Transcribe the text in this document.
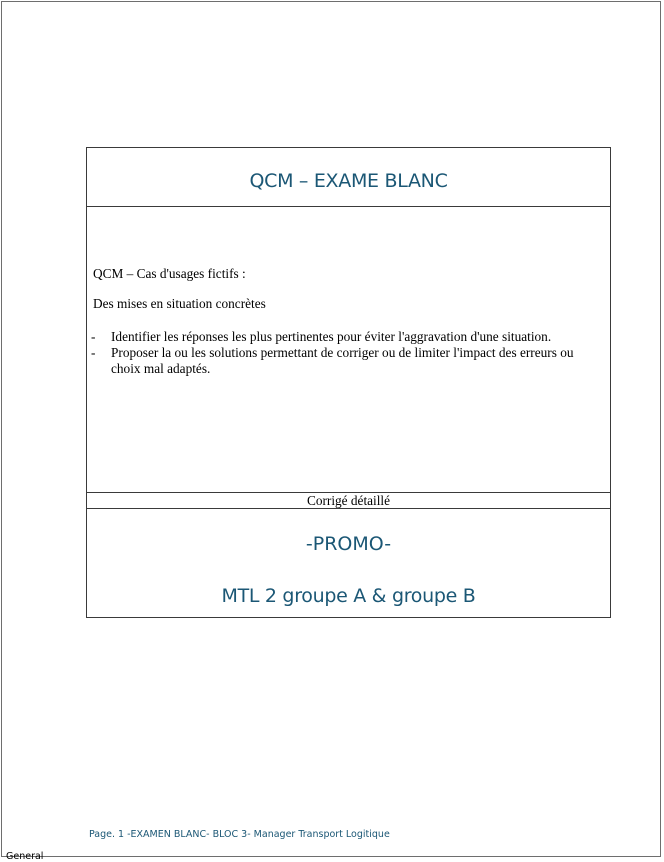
QCM – EXAME BLANC
QCM – Cas d'usages fictifs :
Des mises en situation concrètes
- Identifier les réponses les plus pertinentes pour éviter l'aggravation d'une situation.
- Proposer la ou les solutions permettant de corriger ou de limiter l'impact des erreurs ou choix mal adaptés.
Corrigé détaillé
-PROMO-
MTL 2 groupe A & groupe B
Page. 1 -EXAMEN BLANC- BLOC 3- Manager Transport Logitique
General
